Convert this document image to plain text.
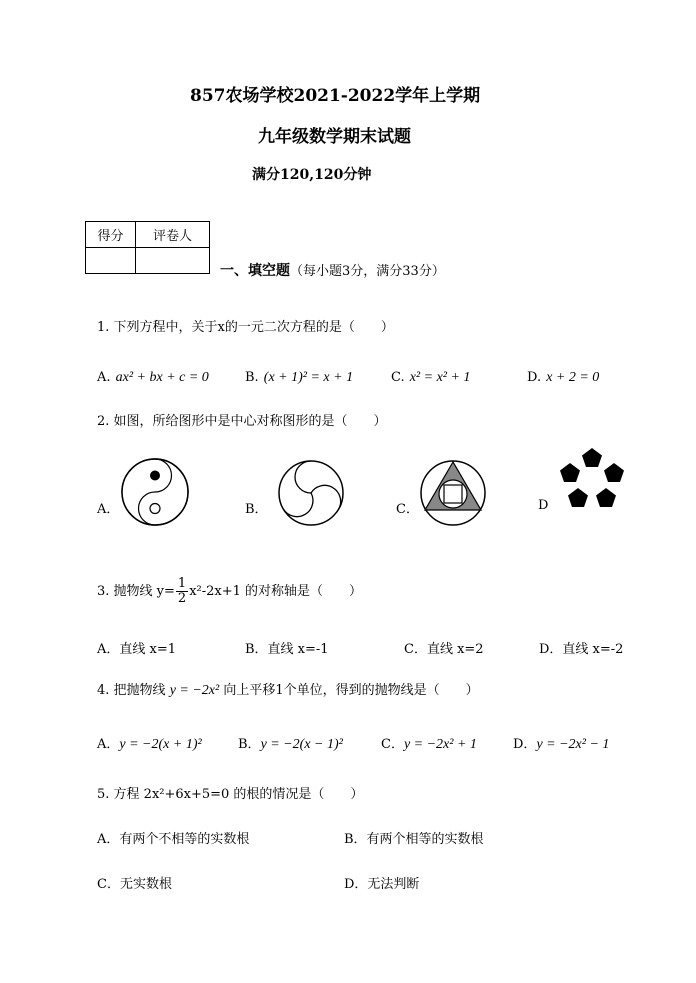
857农场学校2021-2022学年上学期
九年级数学期末试题
满分120,120分钟
得分	评卷人

一、填空题（每小题3分，满分33分）
1. 下列方程中，关于x的一元二次方程的是（　　）
A. ax² + bx + c = 0	B. (x + 1)² = x + 1	C. x² = x² + 1	D. x + 2 = 0
2. 如图，所给图形中是中心对称图形的是（　　）
A．	B．	C．	D
3. 抛物线 $y= \frac{1}{2} x^2-2x+1$ 的对称轴是（　　）
A．直线 x=1	B．直线 x=-1	C．直线 x=2	D．直线 x=-2
4. 把抛物线 y = −2x² 向上平移1个单位，得到的抛物线是（　　）
A．y = −2(x + 1)²	B．y = −2(x − 1)²	C．y = −2x² + 1	D．y = −2x² − 1
5. 方程 2x²+6x+5=0 的根的情况是（　　）
A．有两个不相等的实数根	B．有两个相等的实数根
C．无实数根	D．无法判断
